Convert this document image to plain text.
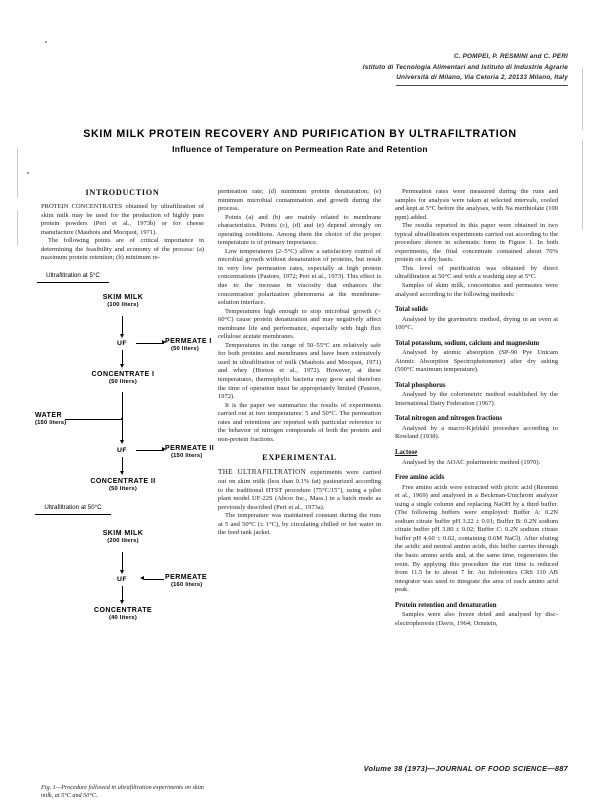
C. POMPEI, P. RESMINI and C. PERI
Istituto di Tecnologia Alimentari and Istituto di Industrie Agrarie
Università di Milano, Via Celoria 2, 20133 Milano, Italy
SKIM MILK PROTEIN RECOVERY AND PURIFICATION BY ULTRAFILTRATION
Influence of Temperature on Permeation Rate and Retention
INTRODUCTION

PROTEIN CONCENTRATES obtained by ultrafiltration of skim milk may be used for the production of highly pure protein powders (Peri et al., 1973b) or for cheese manufacture (Maubois and Mocquot, 1971).

The following points are of critical importance in determining the feasibility and economy of the process: (a) maximum protein retention; (b) minimum re-

Ultrafiltration at 5°C
SKIM MILK
(100 liters)
UF	PERMEATE I
(50 liters)
CONCENTRATE I
(50 liters)
WATER
(150 liters)
UF	PERMEATE II
(150 liters)
CONCENTRATE II
(50 liters)
Ultrafiltration at 50°C
SKIM MILK
(200 liters)
UF	PERMEATE
(160 liters)
CONCENTRATE
(40 liters)
Fig. 1—Procedure followed in ultrafiltration experiments on skim milk, at 5°C and 50°C.

permeation rate; (d) minimum protein denaturation; (e) minimum microbial contamination and growth during the process.

Points (a) and (b) are mainly related to membrane characteristics. Points (c), (d) and (e) depend strongly on operating conditions. Among them the choice of the proper temperature is of primary importance.

Low temperatures (2–5°C) allow a satisfactory control of microbial growth without denaturation of proteins, but result in very low permeation rates, especially at high protein concentrations (Pastore, 1972; Peri et al., 1973). This effect is due to the increase in viscosity that enhances the concentration polarization phenomena at the membrane-solution interface.

Temperatures high enough to stop microbial growth (> 60°C) cause protein denaturation and may negatively affect membrane life and performance, especially with high flux cellulose acetate membranes.

Temperatures in the range of 50–55°C are relatively safe for both proteins and membranes and have been extensively used in ultrafiltration of milk (Maubois and Mocquot, 1971) and whey (Horton et al., 1972). However, at these temperatures, thermophylic bacteria may grow and therefore the time of operation must be appropriately limited (Pastore, 1972).

It is the paper we summarize the results of experiments carried out at two temperatures: 5 and 50°C. The permeation rates and retentions are reported with particular reference to the behavior of nitrogen compounds of both the protein and non-protein fractions.

EXPERIMENTAL

THE ULTRAFILTRATION experiments were carried out on skim milk (less than 0.1% fat) pasteurized according to the traditional HTST procedure (75°C/15″), using a pilot plant model UF-22S (Abcor Inc., Mass.) in a batch mode as previously described (Peri et al., 1973a).

The temperature was maintained constant during the runs at 5 and 50°C (± 1°C), by circulating chilled or hot water in the feed tank jacket.

Permeation rates were measured during the runs and samples for analysis were taken at selected intervals, cooled and kept at 5°C before the analyses, with Na merthiolate (100 ppm) added.

The results reported in this paper were obtained in two typical ultrafiltration experiments carried out according to the procedure shown in schematic form in Figure 1. In both experiments, the final concentrate contained about 70% protein on a dry basis.

This level of purification was obtained by direct ultrafiltration at 50°C and with a washing step at 5°C.

Samples of skim milk, concentrates and permeates were analysed according to the following methods:

Total solids

Analysed by the gravimetric method, drying in an oven at 100°C.

Total potassium, sodium, calcium and magnesium

Analysed by atomic absorption (SP-90 Pye Unicam Atomic Absorption Spectrophotometer) after dry ashing (500°C maximum temperature).

Total phosphorus

Analysed by the colorimetric method established by the International Dairy Federation (1967).

Total nitrogen and nitrogen fractions

Analysed by a macro-Kjeldahl procedure according to Rowland (1938).

Lactose

Analysed by the AOAC polarimetric method (1970).

Free amino acids

Free amino acids were extracted with picric acid (Resmini et al., 1969) and analysed in a Beckman-Unichrom analyzer using a single column and replacing NaOH by a third buffer. (The following buffers were employed: Buffer A: 0.2N sodium citrate buffer pH 3.22 ± 0.01; Buffer B: 0.2N sodium citrate buffer pH 3.80 ± 0.02; Buffer C: 0.2N sodium citrate buffer pH 4.60 ± 0.02, containing 0.6M NaCl). After eluting the acidic and neutral amino acids, this buffer carries through the basic amino acids and, at the same time, regenerates the resin. By applying this procedure the run time is reduced from 11.5 hr to about 7 hr. An Infotronics CRS 110 AB integrator was used to integrate the area of each amino acid peak.

Protein retention and denaturation

Samples were also freeze dried and analysed by disc-electrophoresis (Davis, 1964; Ornstein,

Volume 38 (1973)—JOURNAL OF FOOD SCIENCE—887
